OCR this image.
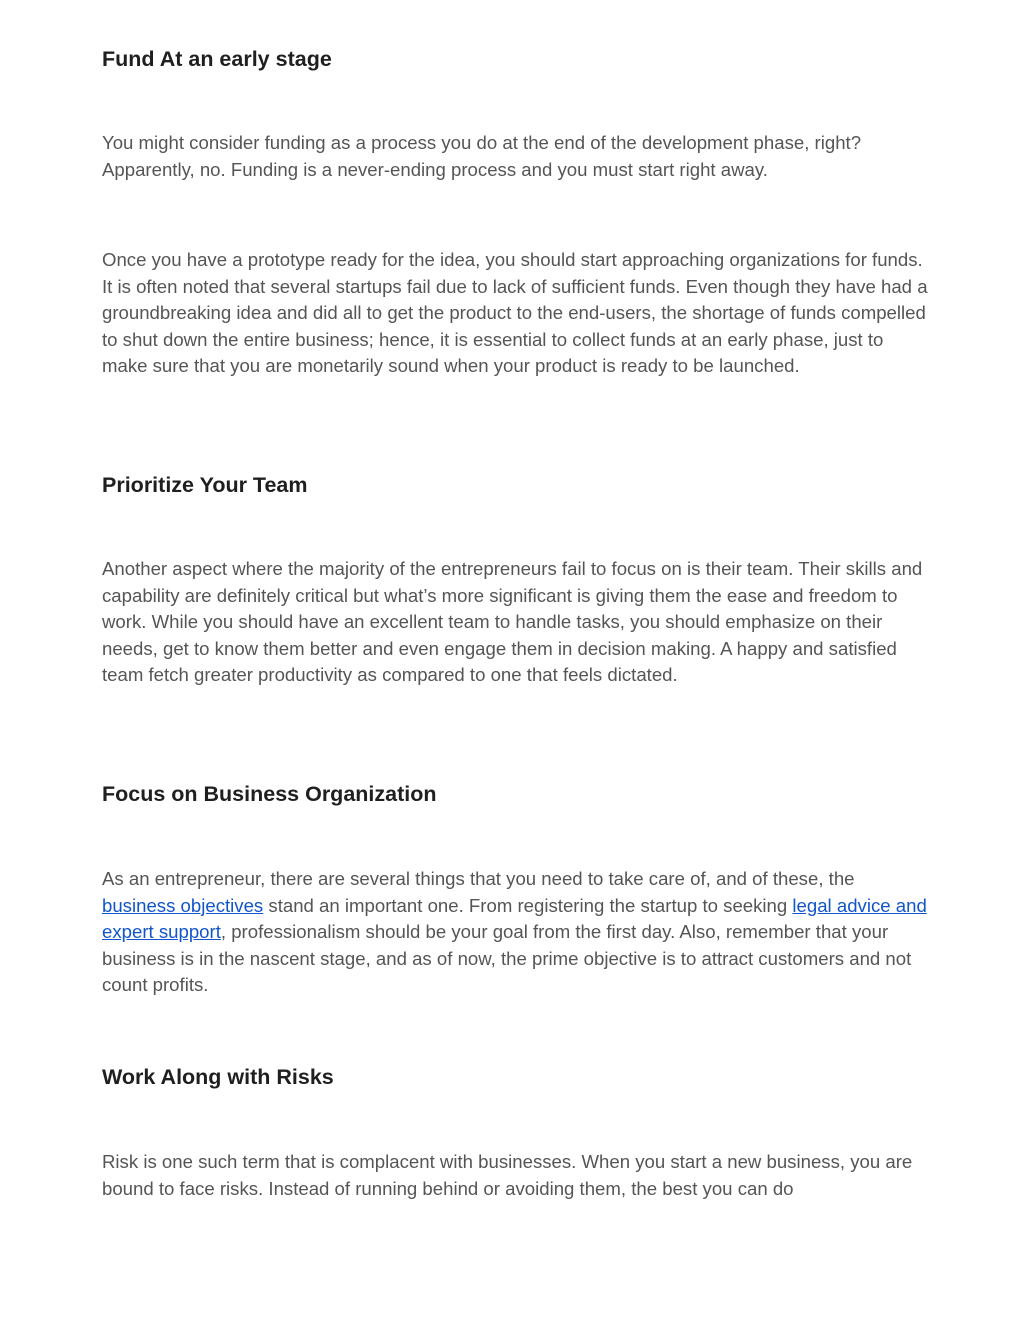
Fund At an early stage

You might consider funding as a process you do at the end of the development phase, right? Apparently, no. Funding is a never-ending process and you must start right away.

Once you have a prototype ready for the idea, you should start approaching organizations for funds. It is often noted that several startups fail due to lack of sufficient funds. Even though they have had a groundbreaking idea and did all to get the product to the end-users, the shortage of funds compelled to shut down the entire business; hence, it is essential to collect funds at an early phase, just to make sure that you are monetarily sound when your product is ready to be launched.

Prioritize Your Team

Another aspect where the majority of the entrepreneurs fail to focus on is their team. Their skills and capability are definitely critical but what’s more significant is giving them the ease and freedom to work. While you should have an excellent team to handle tasks, you should emphasize on their needs, get to know them better and even engage them in decision making. A happy and satisfied team fetch greater productivity as compared to one that feels dictated.

Focus on Business Organization

As an entrepreneur, there are several things that you need to take care of, and of these, the business objectives stand an important one. From registering the startup to seeking legal advice and expert support, professionalism should be your goal from the first day. Also, remember that your business is in the nascent stage, and as of now, the prime objective is to attract customers and not count profits.

Work Along with Risks

Risk is one such term that is complacent with businesses. When you start a new business, you are bound to face risks. Instead of running behind or avoiding them, the best you can do
